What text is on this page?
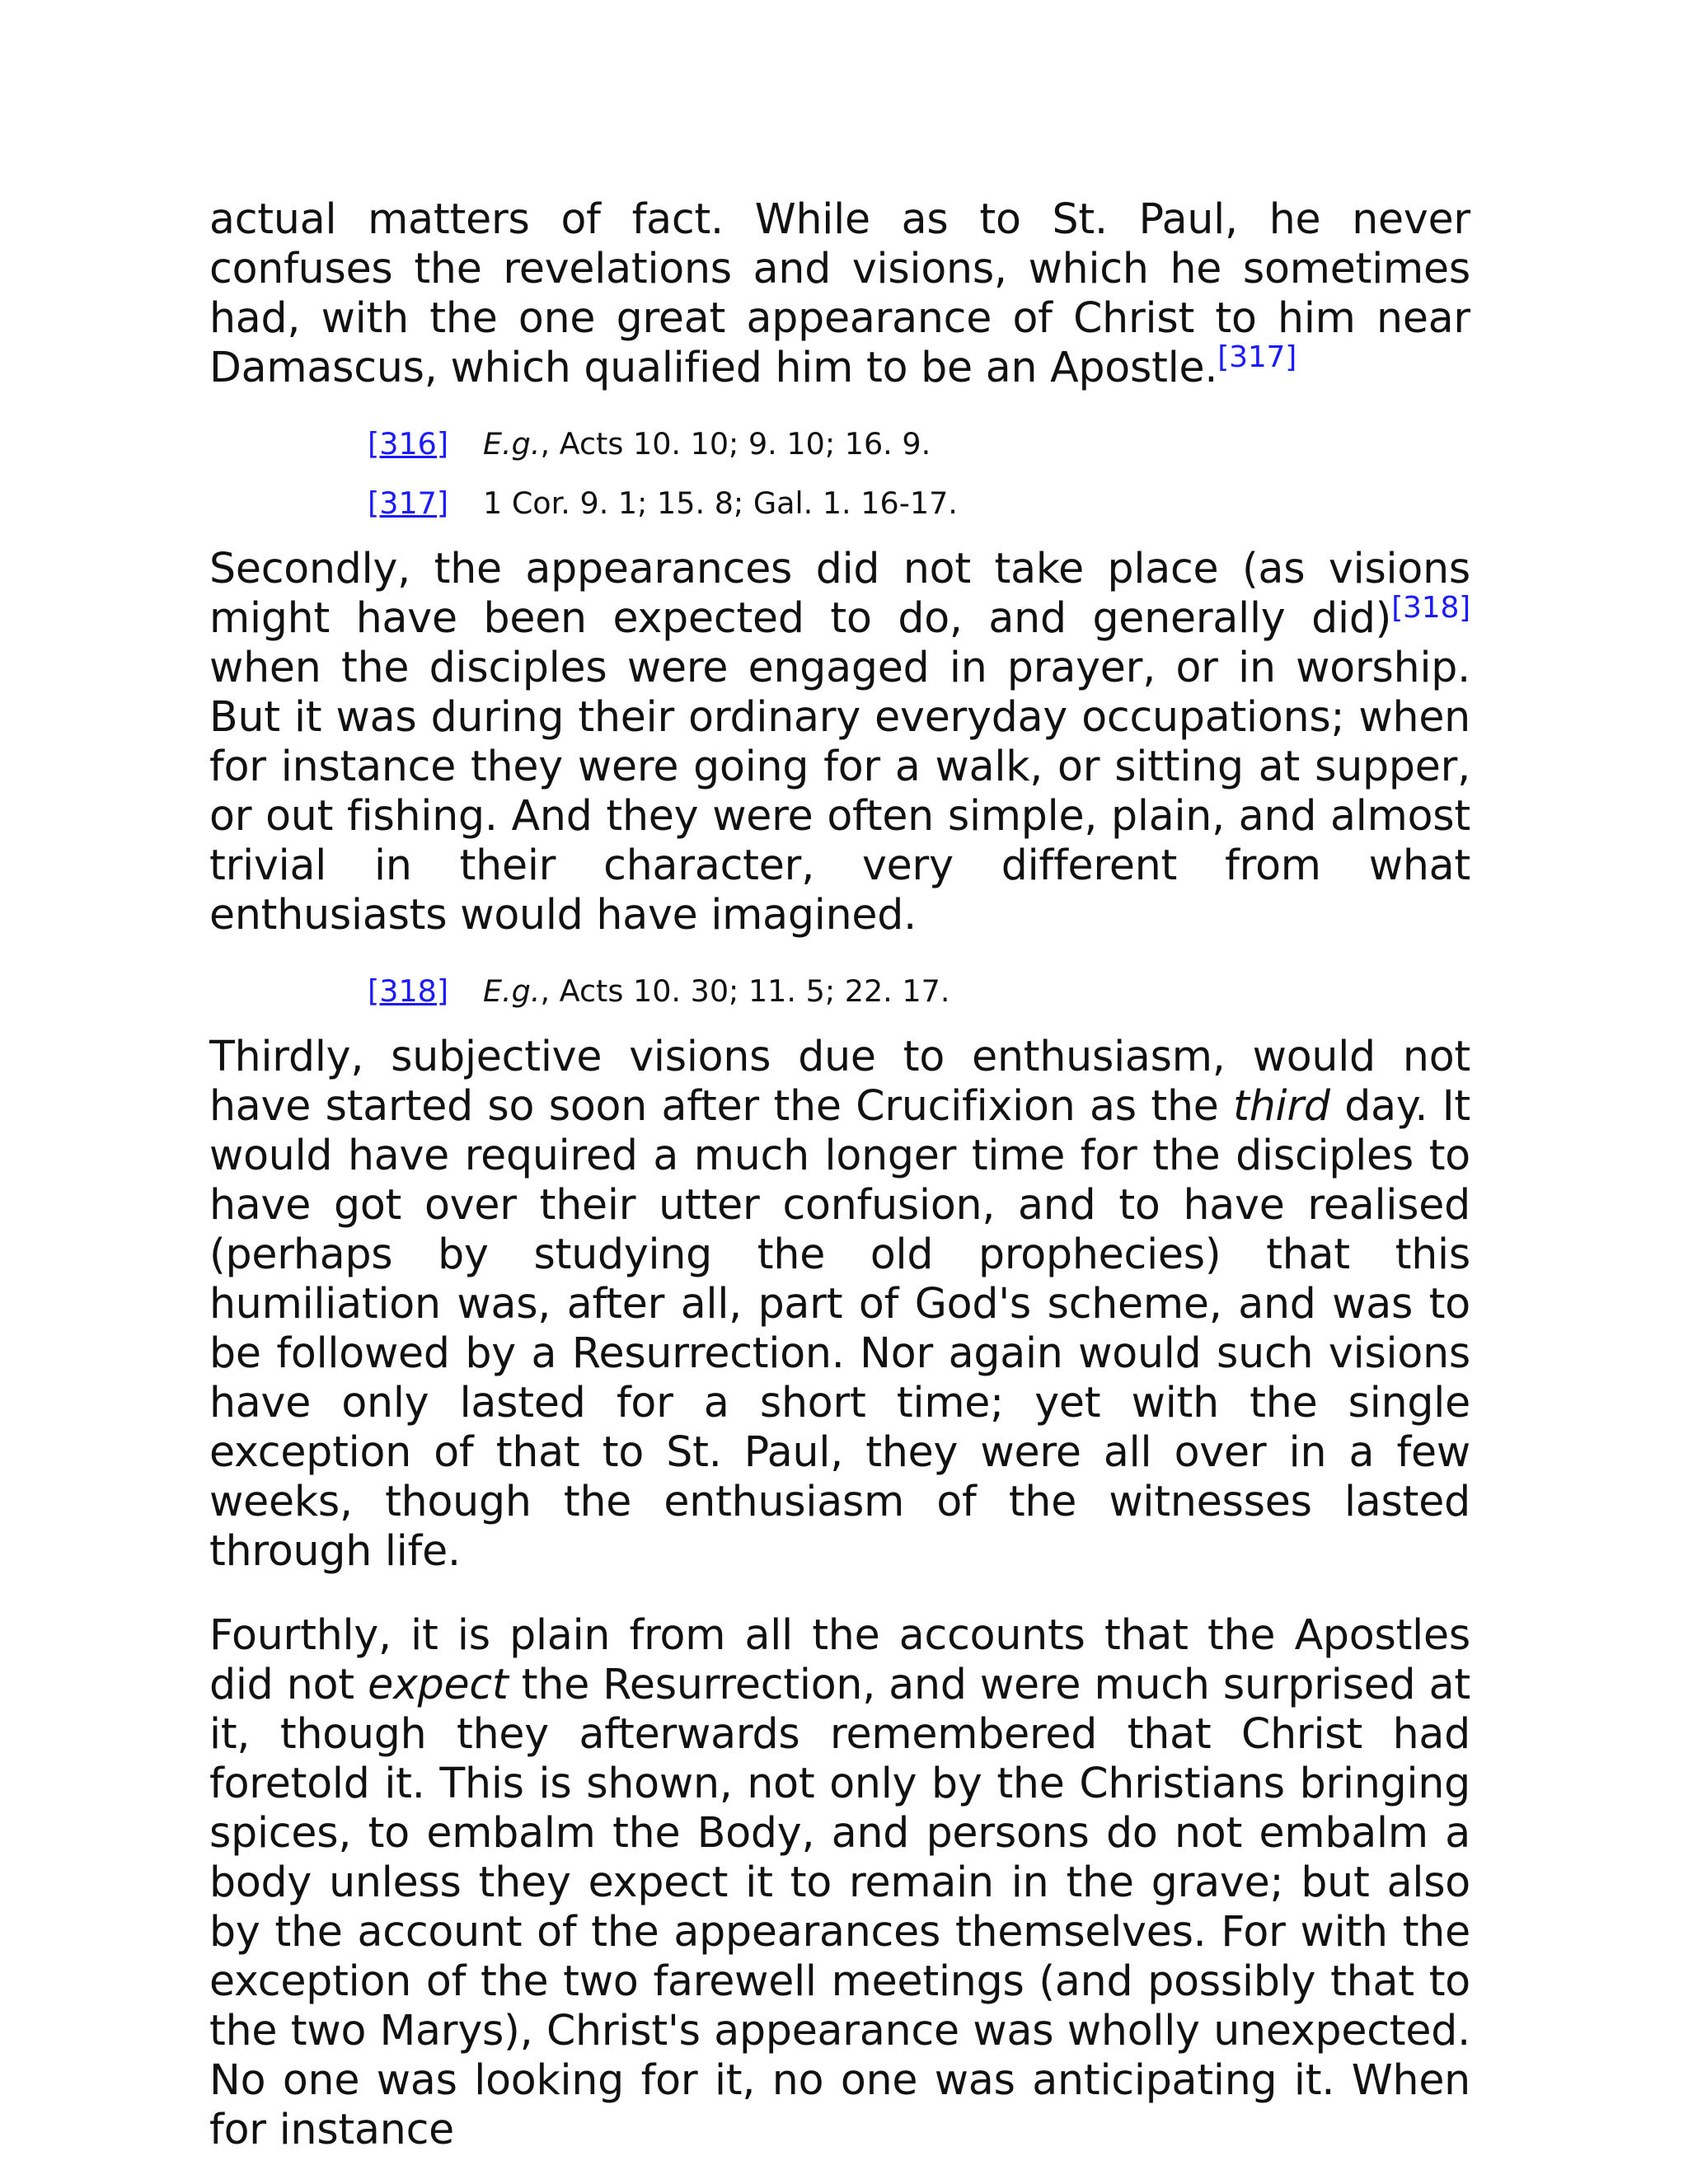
actual matters of fact. While as to St. Paul, he never confuses the revelations and visions, which he sometimes had, with the one great appearance of Christ to him near Damascus, which qualified him to be an Apostle.[317]

[316]	E.g., Acts 10. 10; 9. 10; 16. 9.
[317]	1 Cor. 9. 1; 15. 8; Gal. 1. 16-17.

Secondly, the appearances did not take place (as visions might have been expected to do, and generally did)[318] when the disciples were engaged in prayer, or in worship. But it was during their ordinary everyday occupations; when for instance they were going for a walk, or sitting at supper, or out fishing. And they were often simple, plain, and almost trivial in their character, very different from what enthusiasts would have imagined.

[318]	E.g., Acts 10. 30; 11. 5; 22. 17.

Thirdly, subjective visions due to enthusiasm, would not have started so soon after the Crucifixion as the third day. It would have required a much longer time for the disciples to have got over their utter confusion, and to have realised (perhaps by studying the old prophecies) that this humiliation was, after all, part of God's scheme, and was to be followed by a Resurrection. Nor again would such visions have only lasted for a short time; yet with the single exception of that to St. Paul, they were all over in a few weeks, though the enthusiasm of the witnesses lasted through life.

Fourthly, it is plain from all the accounts that the Apostles did not expect the Resurrection, and were much surprised at it, though they afterwards remembered that Christ had foretold it. This is shown, not only by the Christians bringing spices, to embalm the Body, and persons do not embalm a body unless they expect it to remain in the grave; but also by the account of the appearances themselves. For with the exception of the two farewell meetings (and possibly that to the two Marys), Christ's appearance was wholly unexpected. No one was looking for it, no one was anticipating it. When for instance
